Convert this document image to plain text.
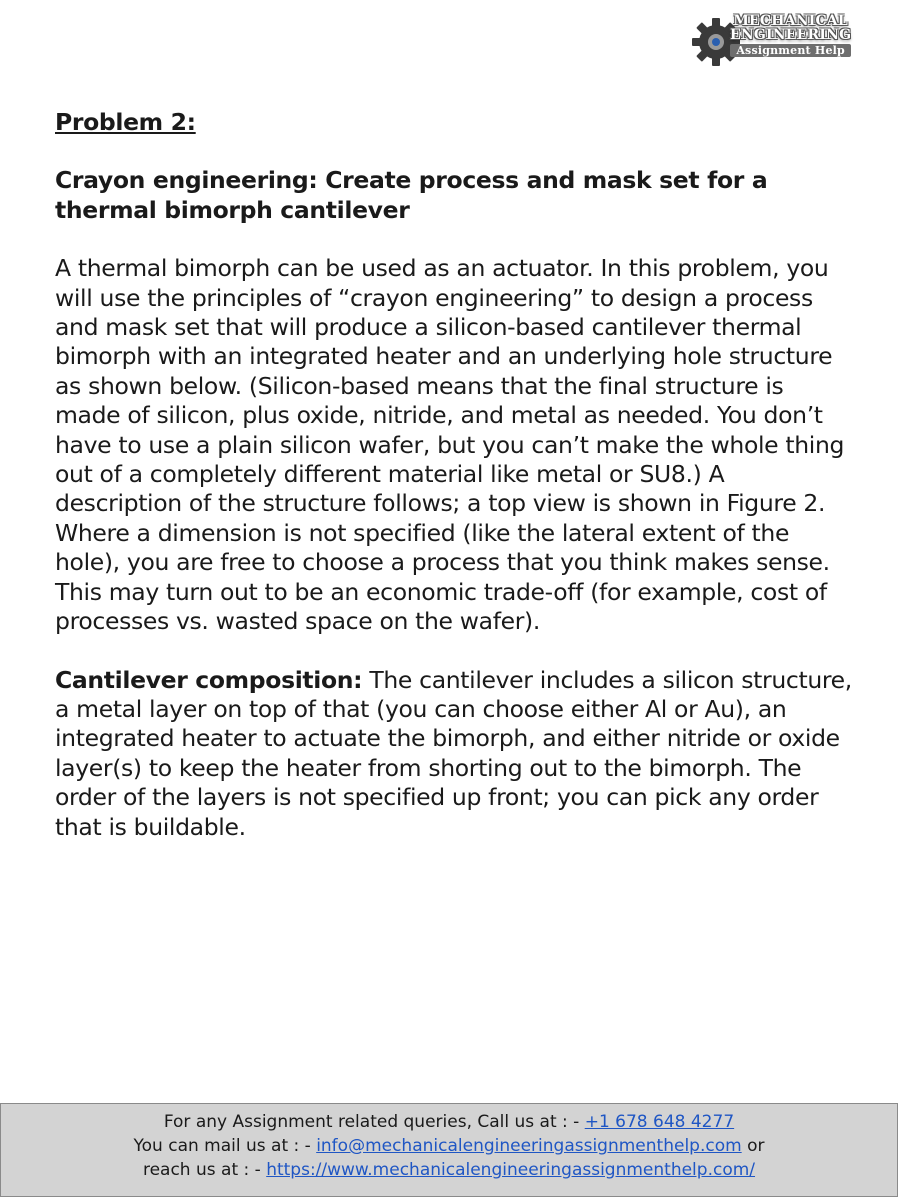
MECHANICAL
ENGINEERING
Assignment Help

Problem 2:

Crayon engineering: Create process and mask set for a thermal bimorph cantilever

A thermal bimorph can be used as an actuator. In this problem, you will use the principles of “crayon engineering” to design a process and mask set that will produce a silicon-based cantilever thermal bimorph with an integrated heater and an underlying hole structure as shown below. (Silicon-based means that the final structure is made of silicon, plus oxide, nitride, and metal as needed. You don’t have to use a plain silicon wafer, but you can’t make the whole thing out of a completely different material like metal or SU8.) A description of the structure follows; a top view is shown in Figure 2. Where a dimension is not specified (like the lateral extent of the hole), you are free to choose a process that you think makes sense. This may turn out to be an economic trade-off (for example, cost of processes vs. wasted space on the wafer).

Cantilever composition: The cantilever includes a silicon structure, a metal layer on top of that (you can choose either Al or Au), an integrated heater to actuate the bimorph, and either nitride or oxide layer(s) to keep the heater from shorting out to the bimorph. The order of the layers is not specified up front; you can pick any order that is buildable.

For any Assignment related queries, Call us at : - +1 678 648 4277
You can mail us at : - info@mechanicalengineeringassignmenthelp.com or
reach us at : - https://www.mechanicalengineeringassignmenthelp.com/
